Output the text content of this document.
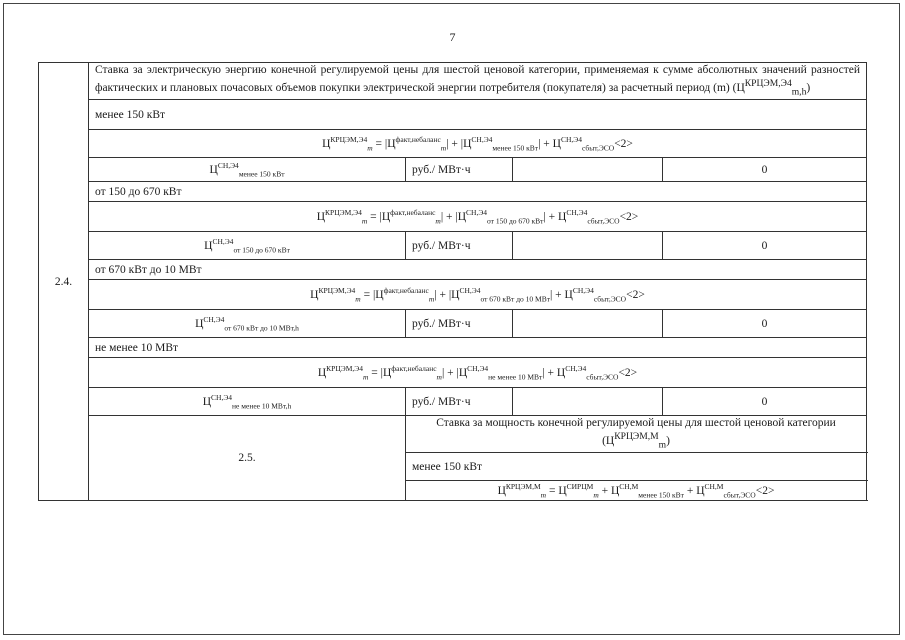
7
2.4.	Ставка за электрическую энергию конечной регулируемой цены для шестой ценовой категории, применяемая к сумме абсолютных значений разностей фактических и плановых почасовых объемов покупки электрической энергии потребителя (покупателя) за расчетный период (m) $(Ц^{КРЦЭМ,Э4}_{m,h})$			
	менее 150 кВт			
	$Ц^{КРЦЭМ,Э4}_m = |Ц^{факт,небаланс}_m| + |Ц^{СН,Э4}_{менее 150 кВт}| + Ц^{СН,Э4}_{сбыт,ЭСО}<2>$			
	$Ц^{СН,Э4}_{менее 150 кВт}$	руб./ МВт·ч		0
	от 150 до 670 кВт			
	$Ц^{КРЦЭМ,Э4}_m = |Ц^{факт,небаланс}_m| + |Ц^{СН,Э4}_{от 150 до 670 кВт}| + Ц^{СН,Э4}_{сбыт,ЭСО}<2>$			
	$Ц^{СН,Э4}_{от 150 до 670 кВт}$	руб./ МВт·ч		0
	от 670 кВт до 10 МВт			
	$Ц^{КРЦЭМ,Э4}_m = |Ц^{факт,небаланс}_m| + |Ц^{СН,Э4}_{от 670 кВт до 10 МВт}| + Ц^{СН,Э4}_{сбыт,ЭСО}<2>$			
	$Ц^{СН,Э4}_{от 670 кВт до 10 МВт,h}$	руб./ МВт·ч		0
	не менее 10 МВт			
	$Ц^{КРЦЭМ,Э4}_m = |Ц^{факт,небаланс}_m| + |Ц^{СН,Э4}_{не менее 10 МВт}| + Ц^{СН,Э4}_{сбыт,ЭСО}<2>$			
	$Ц^{СН,Э4}_{не менее 10 МВт,h}$	руб./ МВт·ч		0
	2.5.	Ставка за мощность конечной регулируемой цены для шестой ценовой категории $(Ц^{КРЦЭМ,М}_m)$		
		менее 150 кВт		
		$Ц^{КРЦЭМ,М}_m = Ц^{СИРЦМ}_m + Ц^{СН,М}_{менее 150 кВт} + Ц^{СН,М}_{сбыт,ЭСО}<2>$		
